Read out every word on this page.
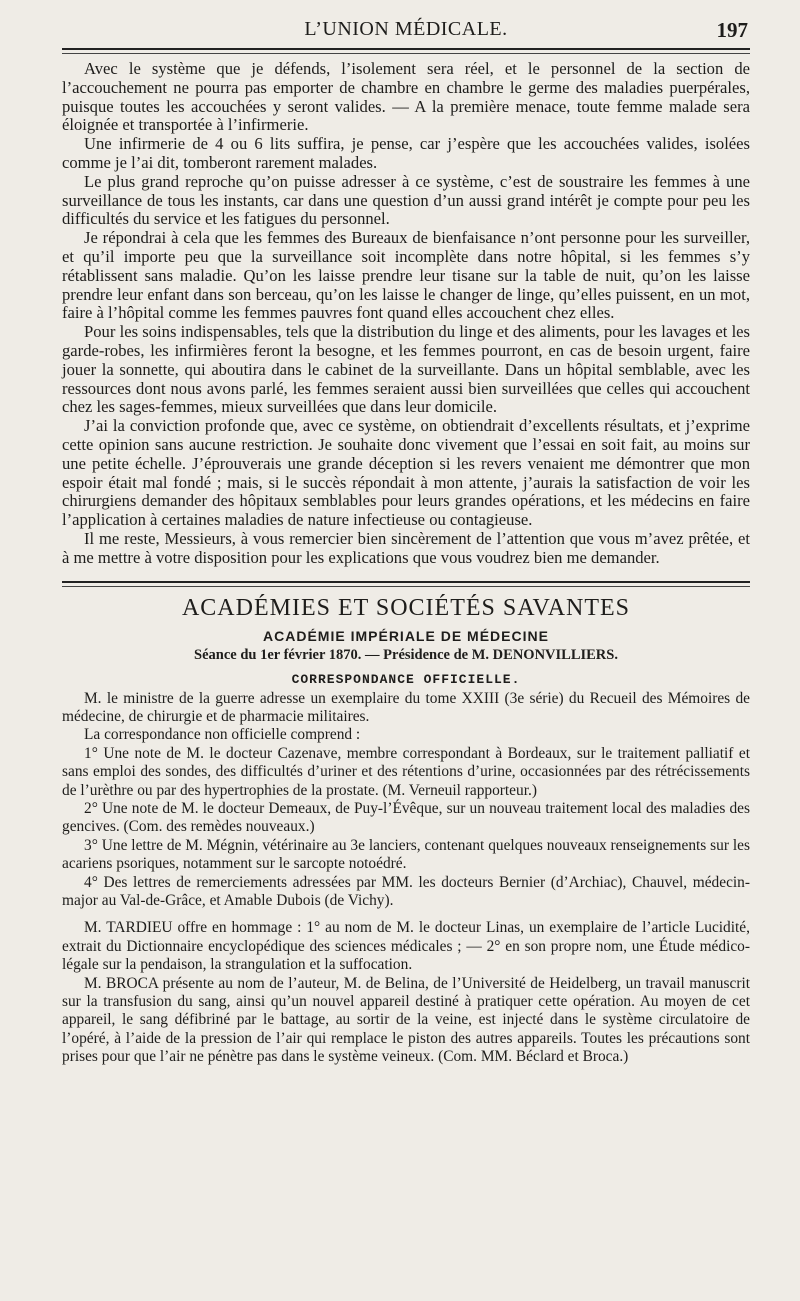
L’UNION MÉDICALE.	197

Avec le système que je défends, l’isolement sera réel, et le personnel de la section de l’accouchement ne pourra pas emporter de chambre en chambre le germe des maladies puerpérales, puisque toutes les accouchées y seront valides. — A la première menace, toute femme malade sera éloignée et transportée à l’infirmerie.

Une infirmerie de 4 ou 6 lits suffira, je pense, car j’espère que les accouchées valides, isolées comme je l’ai dit, tomberont rarement malades.

Le plus grand reproche qu’on puisse adresser à ce système, c’est de soustraire les femmes à une surveillance de tous les instants, car dans une question d’un aussi grand intérêt je compte pour peu les difficultés du service et les fatigues du personnel.

Je répondrai à cela que les femmes des Bureaux de bienfaisance n’ont personne pour les surveiller, et qu’il importe peu que la surveillance soit incomplète dans notre hôpital, si les femmes s’y rétablissent sans maladie. Qu’on les laisse prendre leur tisane sur la table de nuit, qu’on les laisse prendre leur enfant dans son berceau, qu’on les laisse le changer de linge, qu’elles puissent, en un mot, faire à l’hôpital comme les femmes pauvres font quand elles accouchent chez elles.

Pour les soins indispensables, tels que la distribution du linge et des aliments, pour les lavages et les garde-robes, les infirmières feront la besogne, et les femmes pourront, en cas de besoin urgent, faire jouer la sonnette, qui aboutira dans le cabinet de la surveillante. Dans un hôpital semblable, avec les ressources dont nous avons parlé, les femmes seraient aussi bien surveillées que celles qui accouchent chez les sages-femmes, mieux surveillées que dans leur domicile.

J’ai la conviction profonde que, avec ce système, on obtiendrait d’excellents résultats, et j’exprime cette opinion sans aucune restriction. Je souhaite donc vivement que l’essai en soit fait, au moins sur une petite échelle. J’éprouverais une grande déception si les revers venaient me démontrer que mon espoir était mal fondé ; mais, si le succès répondait à mon attente, j’aurais la satisfaction de voir les chirurgiens demander des hôpitaux semblables pour leurs grandes opérations, et les médecins en faire l’application à certaines maladies de nature infectieuse ou contagieuse.

Il me reste, Messieurs, à vous remercier bien sincèrement de l’attention que vous m’avez prêtée, et à me mettre à votre disposition pour les explications que vous voudrez bien me demander.

ACADÉMIES ET SOCIÉTÉS SAVANTES
ACADÉMIE IMPÉRIALE DE MÉDECINE
Séance du 1er février 1870. — Présidence de M. DENONVILLIERS.
CORRESPONDANCE OFFICIELLE.

M. le ministre de la guerre adresse un exemplaire du tome XXIII (3e série) du Recueil des Mémoires de médecine, de chirurgie et de pharmacie militaires.

La correspondance non officielle comprend :

1° Une note de M. le docteur Cazenave, membre correspondant à Bordeaux, sur le traitement palliatif et sans emploi des sondes, des difficultés d’uriner et des rétentions d’urine, occasionnées par des rétrécissements de l’urèthre ou par des hypertrophies de la prostate. (M. Verneuil rapporteur.)

2° Une note de M. le docteur Demeaux, de Puy-l’Évêque, sur un nouveau traitement local des maladies des gencives. (Com. des remèdes nouveaux.)

3° Une lettre de M. Mégnin, vétérinaire au 3e lanciers, contenant quelques nouveaux renseignements sur les acariens psoriques, notamment sur le sarcopte notoédré.

4° Des lettres de remerciements adressées par MM. les docteurs Bernier (d’Archiac), Chauvel, médecin-major au Val-de-Grâce, et Amable Dubois (de Vichy).

M. TARDIEU offre en hommage : 1° au nom de M. le docteur Linas, un exemplaire de l’article Lucidité, extrait du Dictionnaire encyclopédique des sciences médicales ; — 2° en son propre nom, une Étude médico-légale sur la pendaison, la strangulation et la suffocation.

M. BROCA présente au nom de l’auteur, M. de Belina, de l’Université de Heidelberg, un travail manuscrit sur la transfusion du sang, ainsi qu’un nouvel appareil destiné à pratiquer cette opération. Au moyen de cet appareil, le sang défibriné par le battage, au sortir de la veine, est injecté dans le système circulatoire de l’opéré, à l’aide de la pression de l’air qui remplace le piston des autres appareils. Toutes les précautions sont prises pour que l’air ne pénètre pas dans le système veineux. (Com. MM. Béclard et Broca.)
